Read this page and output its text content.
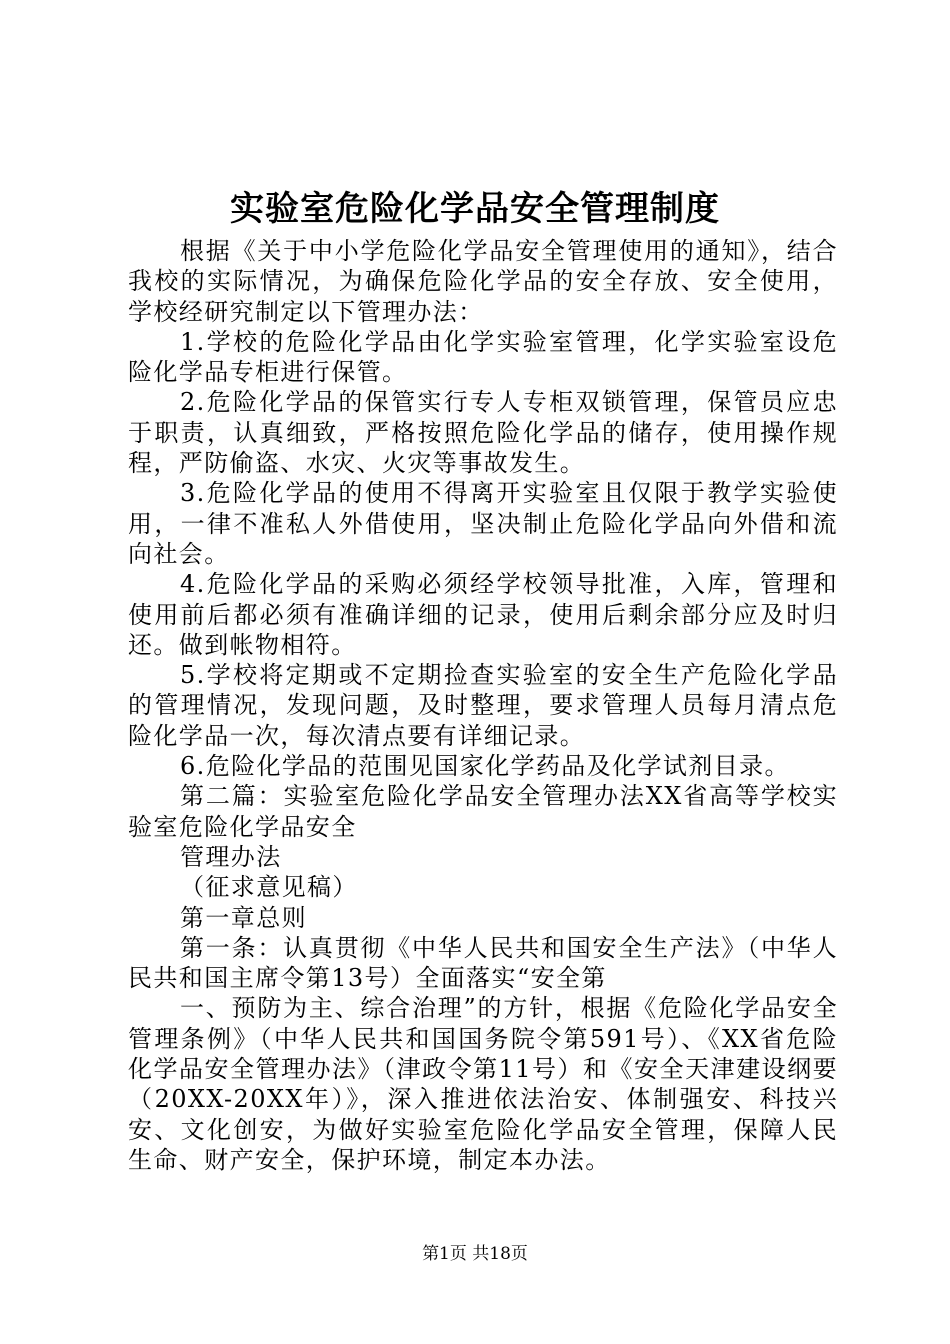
实验室危险化学品安全管理制度

根据《关于中小学危险化学品安全管理使用的通知》，结合我校的实际情况，为确保危险化学品的安全存放、安全使用，学校经研究制定以下管理办法：

1.学校的危险化学品由化学实验室管理，化学实验室设危险化学品专柜进行保管。

2.危险化学品的保管实行专人专柜双锁管理，保管员应忠于职责，认真细致，严格按照危险化学品的储存，使用操作规程，严防偷盗、水灾、火灾等事故发生。

3.危险化学品的使用不得离开实验室且仅限于教学实验使用，一律不准私人外借使用，坚决制止危险化学品向外借和流向社会。

4.危险化学品的采购必须经学校领导批准，入库，管理和使用前后都必须有准确详细的记录，使用后剩余部分应及时归还。做到帐物相符。

5.学校将定期或不定期捡查实验室的安全生产危险化学品的管理情况，发现问题，及时整理，要求管理人员每月清点危险化学品一次，每次清点要有详细记录。

6.危险化学品的范围见国家化学药品及化学试剂目录。

第二篇：实验室危险化学品安全管理办法XX省高等学校实验室危险化学品安全

管理办法

（征求意见稿）

第一章总则

第一条：认真贯彻《中华人民共和国安全生产法》（中华人民共和国主席令第13号）全面落实“安全第

一、预防为主、综合治理”的方针，根据《危险化学品安全管理条例》（中华人民共和国国务院令第591号）、《XX省危险化学品安全管理办法》（津政令第11号）和《安全天津建设纲要（20XX-20XX年）》，深入推进依法治安、体制强安、科技兴安、文化创安，为做好实验室危险化学品安全管理，保障人民生命、财产安全，保护环境，制定本办法。

第1页 共18页
